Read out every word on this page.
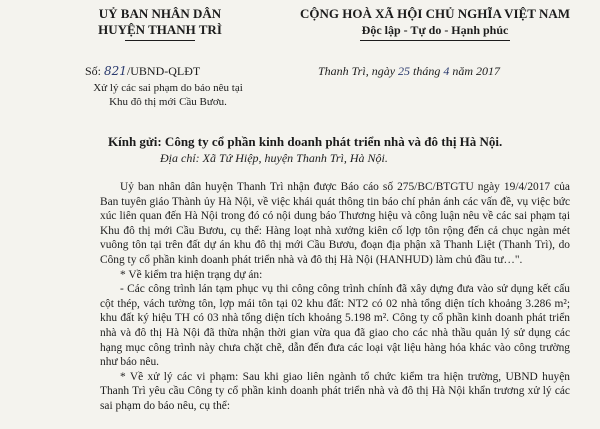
UỶ BAN NHÂN DÂN
HUYỆN THANH TRÌ
CỘNG HOÀ XÃ HỘI CHỦ NGHĨA VIỆT NAM
Độc lập - Tự do - Hạnh phúc
Số: 821/UBND-QLĐT
Xử lý các sai phạm do báo nêu tại
Khu đô thị mới Cầu Bươu.
Thanh Trì, ngày 25 tháng 4 năm 2017
Kính gửi: Công ty cổ phần kinh doanh phát triển nhà và đô thị Hà Nội.
Địa chỉ: Xã Tứ Hiệp, huyện Thanh Trì, Hà Nội.

Uỷ ban nhân dân huyện Thanh Trì nhận được Báo cáo số 275/BC/BTGTU ngày 19/4/2017 của Ban tuyên giáo Thành ủy Hà Nội, về việc khái quát thông tin báo chí phản ánh các vấn đề, vụ việc bức xúc liên quan đến Hà Nội trong đó có nội dung báo Thương hiệu và công luận nêu về các sai phạm tại Khu đô thị mới Cầu Bươu, cụ thể: Hàng loạt nhà xưởng kiên cố lợp tôn rộng đến cả chục ngàn mét vuông tôn tại trên đất dự án khu đô thị mới Cầu Bươu, đoạn địa phận xã Thanh Liệt (Thanh Trì), do Công ty cổ phần kinh doanh phát triển nhà và đô thị Hà Nội (HANHUD) làm chủ đầu tư…".

* Về kiểm tra hiện trạng dự án:

- Các công trình lán tạm phục vụ thi công công trình chính đã xây dựng đưa vào sử dụng kết cấu cột thép, vách tường tôn, lợp mái tôn tại 02 khu đất: NT2 có 02 nhà tổng diện tích khoảng 3.286 m²; khu đất ký hiệu TH có 03 nhà tổng diện tích khoảng 5.198 m². Công ty cổ phần kinh doanh phát triển nhà và đô thị Hà Nội đã thừa nhận thời gian vừa qua đã giao cho các nhà thầu quản lý sử dụng các hạng mục công trình này chưa chặt chẽ, dẫn đến đưa các loại vật liệu hàng hóa khác vào công trường như báo nêu.

* Về xử lý các vi phạm: Sau khi giao liên ngành tổ chức kiểm tra hiện trường, UBND huyện Thanh Trì yêu cầu Công ty cổ phần kinh doanh phát triển nhà và đô thị Hà Nội khẩn trương xử lý các sai phạm do báo nêu, cụ thể:
